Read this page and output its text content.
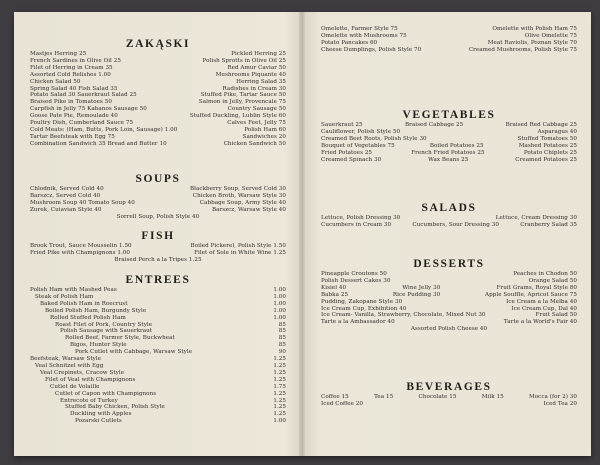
ZAKĄSKI
Mastjes Herring 25	Pickled Herring 25
French Sardines in Olive Oil 25	Polish Sprotts in Olive Oil 25
Filet of Herring in Cream 35	Red Amur Caviar 50
Assorted Cold Relishes 1.00	Mushrooms Piquante 40
Chicken Salad 50	Herring Salad 35
Spring Salad 40 Fish Salad 35	Radishes in Cream 30
Potato Salad 30 Sauerkraut Salad 25	Stuffed Pike, Tartar Sauce 50
Braised Pike in Tomatoes 50	Salmon in Jelly, Provencale 75
Carpfish in Jelly 75 Kabanos Sausage 50	Country Sausage 50
Goose Pate Pie, Remoulade 40	Stuffed Duckling, Lublin Style 60
Poultry Dish, Cumberland Sauce 75	Calves Feet, Jelly 75
Cold Meats: (Ham, Butts, Pork Loin, Sausage) 1.00	Polish Ham 60
Tartar Beefsteak with Egg 75	Sandwiches 20
Combination Sandwich 35 Bread and Butter 10	Chicken Sandwich 50
SOUPS
Chlodnik, Served Cold 40	Blackberry Soup, Served Cold 30
Barszcz, Served Cold 40	Chicken Broth, Warsaw Style 30
Mushroom Soup 40 Tomato Soup 40	Cabbage Soup, Army Style 40
Zurek, Cuiavian Style 40	Barszcz, Warsaw Style 40
Sorrell Soup, Polish Style 40
FISH
Brook Trout, Sauce Mousselin 1.50	Boiled Pickerel, Polish Style 1.50
Fried Pike with Champignons 1.00	Filet of Sole in White Wine 1.25
Braised Perch a la Tripes 1.25
ENTREES
Polish Ham with Mashed Peas	1.00
Steak of Polish Ham	1.00
Baked Polish Ham in Roecrust	1.00
Boiled Polish Ham, Burgundy Style	1.00
Rolled Stuffed Polish Ham	1.00
Roast Filet of Pork, Country Style	85
Polish Sausage with Sauerkraut	85
Rolled Beef, Farmer Style, Buckwheat	85
Bigos, Hunter Style	85
Pork Cutlet with Cabbage, Warsaw Style	90
Beefsteak, Warsaw Style	1.25
Veal Schnitzel with Egg	1.25
Veal Crepinets, Cracow Style	1.25
Filet of Veal with Champignons	1.25
Cutlet de Volaille	1.75
Cutlet of Capon with Champignons	1.25
Entrecote of Turkey	1.25
Stuffed Baby Chicken, Polish Style	1.25
Duckling with Apples	1.25
Pozarski Cutlets	1.00
Omelette, Farmer Style 75	Omelette with Polish Ham 75
Omelette with Mushrooms 75	Olive Omelette 75
Potato Pancakes 60	Meat Raviolis, Poznan Style 70
Cheese Dumplings, Polish Style 70	Creamed Mushrooms, Polish Style 75
VEGETABLES
Sauerkraut 25	Braised Cabbage 25	Braised Red Cabbage 25
Cauliflower, Polish Style 50	Asparagus 40
Creamed Beet Roots, Polish Style 30	Stuffed Tomatoes 50
Bouquet of Vegetables 75	Boiled Potatoes 25	Mashed Potatoes 25
Fried Potatoes 25	French Fried Potatoes 25	Potato Chiplets 25
Creamed Spinach 30	Wax Beans 25	Creamed Potatoes 25
SALADS
Lettuce, Polish Dressing 30	Lettuce, Cream Dressing 30
Cucumbers in Cream 30	Cucumbers, Sour Dressing 30	Cranberry Salad 35
DESSERTS
Pineapple Croutons 50	Peaches in Chodon 50
Polish Dessert Cakes 30	Orange Salad 50
Kisiel 40	Wine Jelly 30	Fruit Grams, Royal Style 80
Babka 25	Rice Pudding 30	Apple Souffle, Apricot Sauce 75
Pudding, Zakopane Style 30	Ice Cream a la Melba 40
Ice Cream Cup, Exhibition 40	Ice Cream Cup, Dal 40
Ice Cream- Vanilla, Strawberry, Chocolate, Mixed Nut 30	Fruit Salad 50
Tarte a la Ambassador 40	Tarte a la World's Fair 40
Assorted Polish Cheese 40
BEVERAGES
Coffee 15	Tea 15	Chocolate 15	Milk 15	Mocca (for 2) 30
Iced Coffee 20	Iced Tea 20
